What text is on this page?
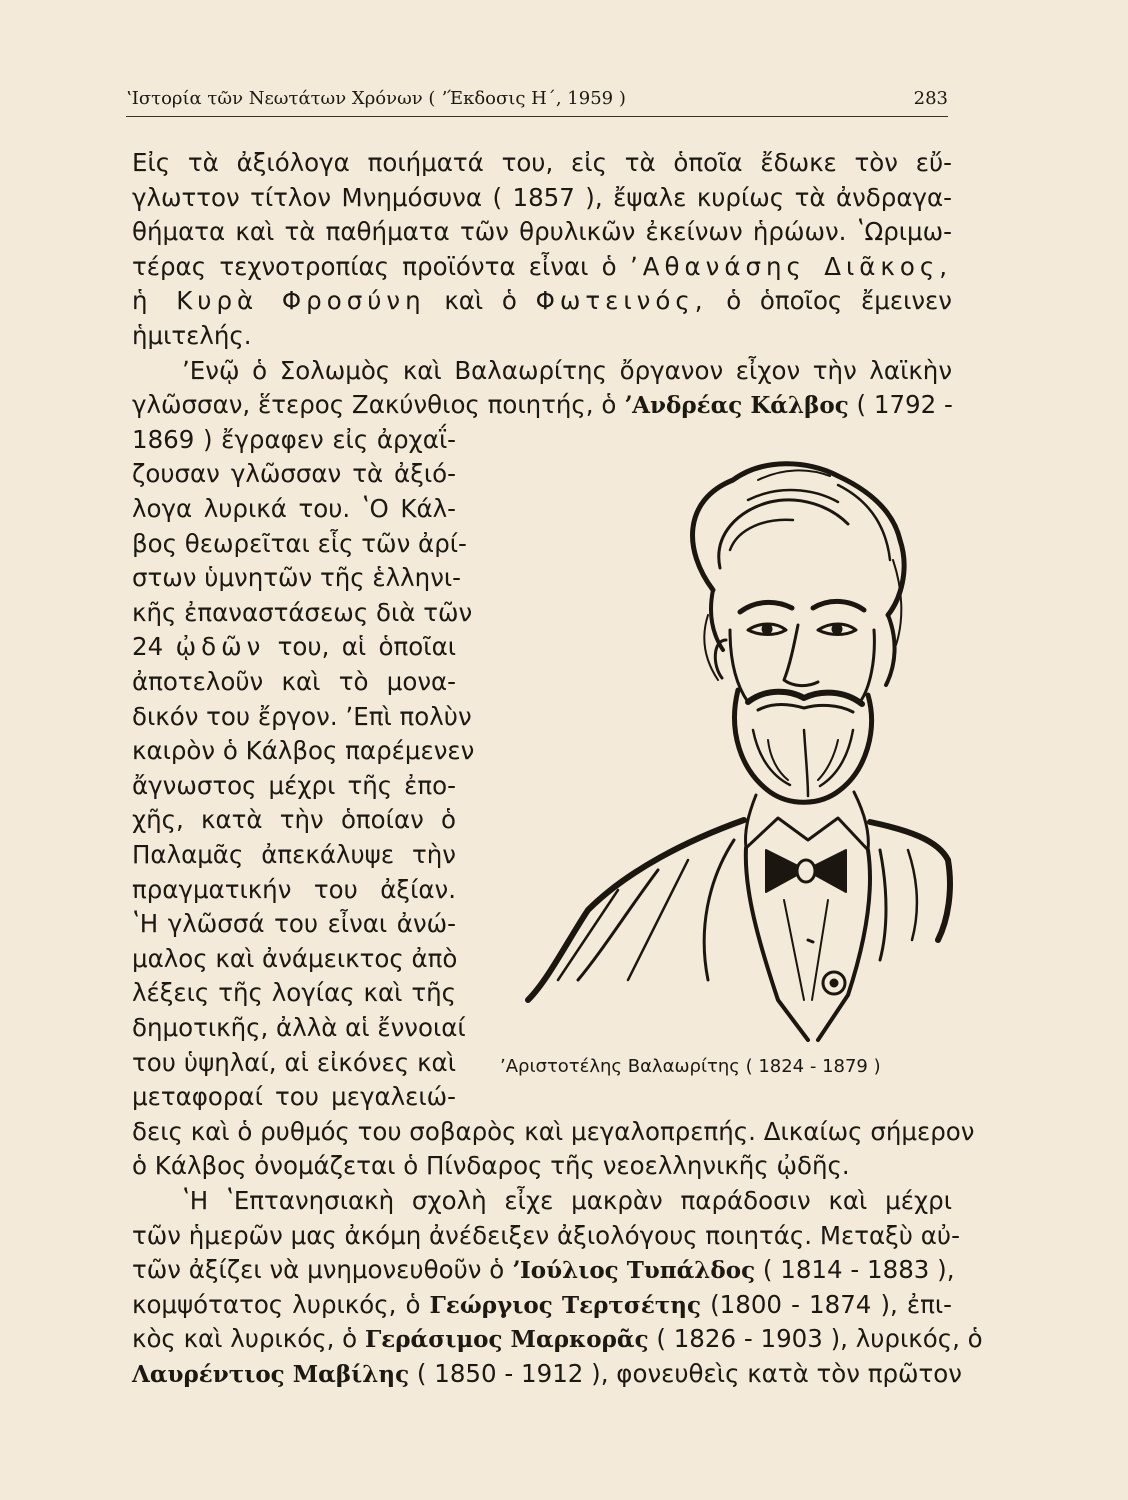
ʽΙστορία τῶν Νεωτάτων Χρόνων ( ʼΈκδοσις Η΄, 1959 )	283
Εἰς τὰ ἀξιόλογα ποιήματά του, εἰς τὰ ὁποῖα ἔδωκε τὸν εὔ-
γλωττον τίτλον Μνημόσυνα ( 1857 ), ἔψαλε κυρίως τὰ ἀνδραγα-
θήματα καὶ τὰ παθήματα τῶν θρυλικῶν ἐκείνων ἡρώων. ʽΩριμω-
τέρας τεχνοτροπίας προϊόντα εἶναι ὁ ʼΑθανάσης Διᾶκος,
ἡ Κυρὰ Φροσύνη καὶ ὁ Φωτεινός, ὁ ὁποῖος ἔμεινεν
ἡμιτελής.
ʼΕνῷ ὁ Σολωμὸς καὶ Βαλαωρίτης ὄργανον εἶχον τὴν λαϊκὴν
γλῶσσαν, ἕτερος Ζακύνθιος ποιητής, ὁ ʼΑνδρέας Κάλβος ( 1792 -
1869 ) ἔγραφεν εἰς ἀρχαΐ-
ζουσαν γλῶσσαν τὰ ἀξιό-
λογα λυρικά του. ʽΟ Κάλ-
βος θεωρεῖται εἷς τῶν ἀρί-
στων ὑμνητῶν τῆς ἑλληνι-
κῆς ἐπαναστάσεως διὰ τῶν
24 ᾠδῶν του, αἱ ὁποῖαι
ἀποτελοῦν καὶ τὸ μονα-
δικόν του ἔργον. ʼΕπὶ πολὺν
καιρὸν ὁ Κάλβος παρέμενεν
ἄγνωστος μέχρι τῆς ἐπο-
χῆς, κατὰ τὴν ὁποίαν ὁ
Παλαμᾶς ἀπεκάλυψε τὴν
πραγματικήν του ἀξίαν.
ʽΗ γλῶσσά του εἶναι ἀνώ-
μαλος καὶ ἀνάμεικτος ἀπὸ
λέξεις τῆς λογίας καὶ τῆς
δημοτικῆς, ἀλλὰ αἱ ἔννοιαί
του ὑψηλαί, αἱ εἰκόνες καὶ
μεταφοραί του μεγαλειώ-
δεις καὶ ὁ ρυθμός του σοβαρὸς καὶ μεγαλοπρεπής. Δικαίως σήμερον
ὁ Κάλβος ὀνομάζεται ὁ Πίνδαρος τῆς νεοελληνικῆς ᾠδῆς.
ʽΗ ʽΕπτανησιακὴ σχολὴ εἶχε μακρὰν παράδοσιν καὶ μέχρι
τῶν ἡμερῶν μας ἀκόμη ἀνέδειξεν ἀξιολόγους ποιητάς. Μεταξὺ αὐ-
τῶν ἀξίζει νὰ μνημονευθοῦν ὁ ʼΙούλιος Τυπάλδος ( 1814 - 1883 ),
κομψότατος λυρικός, ὁ Γεώργιος Τερτσέτης (1800 - 1874 ), ἐπι-
κὸς καὶ λυρικός, ὁ Γεράσιμος Μαρκορᾶς ( 1826 - 1903 ), λυρικός, ὁ
Λαυρέντιος Μαβίλης ( 1850 - 1912 ), φονευθεὶς κατὰ τὸν πρῶτον
ʼΑριστοτέλης Βαλαωρίτης ( 1824 - 1879 )
